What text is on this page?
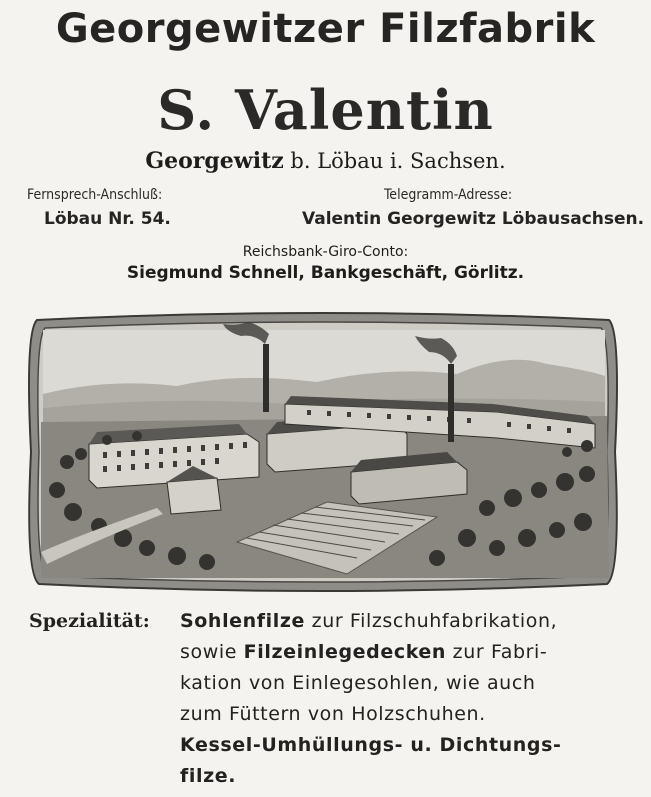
Georgewitzer Filzfabrik
S. Valentin
Georgewitz b. Löbau i. Sachsen.
Fernsprech-Anschluß:
Löbau Nr. 54.
Telegramm-Adresse:
Valentin Georgewitz Löbausachsen.
Reichsbank-Giro-Conto:
Siegmund Schnell, Bankgeschäft, Görlitz.
Spezialität: Sohlenfilze zur Filzschuhfabrikation,
sowie Filzeinlegedecken zur Fabri-
kation von Einlegesohlen, wie auch
zum Füttern von Holzschuhen.
Kessel-Umhüllungs- u. Dichtungs-
filze.
